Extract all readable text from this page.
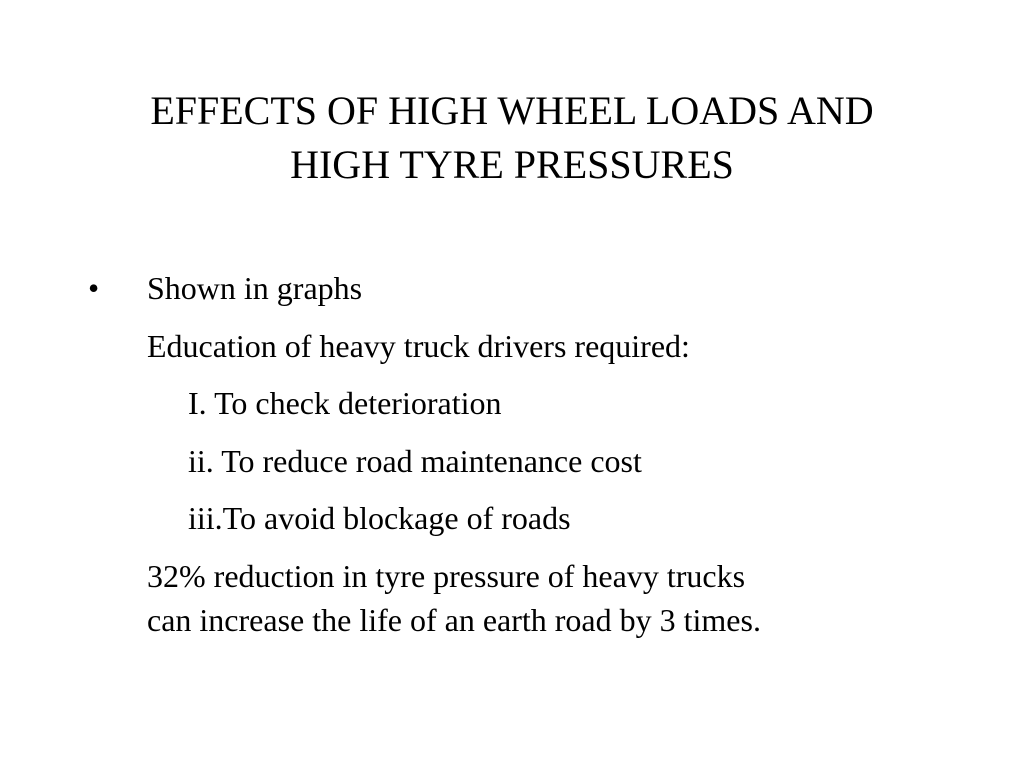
EFFECTS OF HIGH WHEEL LOADS AND
HIGH TYRE PRESSURES
• Shown in graphs
Education of heavy truck drivers required:
I. To check deterioration
ii. To reduce road maintenance cost
iii.To avoid blockage of roads
32% reduction in tyre pressure of heavy trucks
can increase the life of an earth road by 3 times.
